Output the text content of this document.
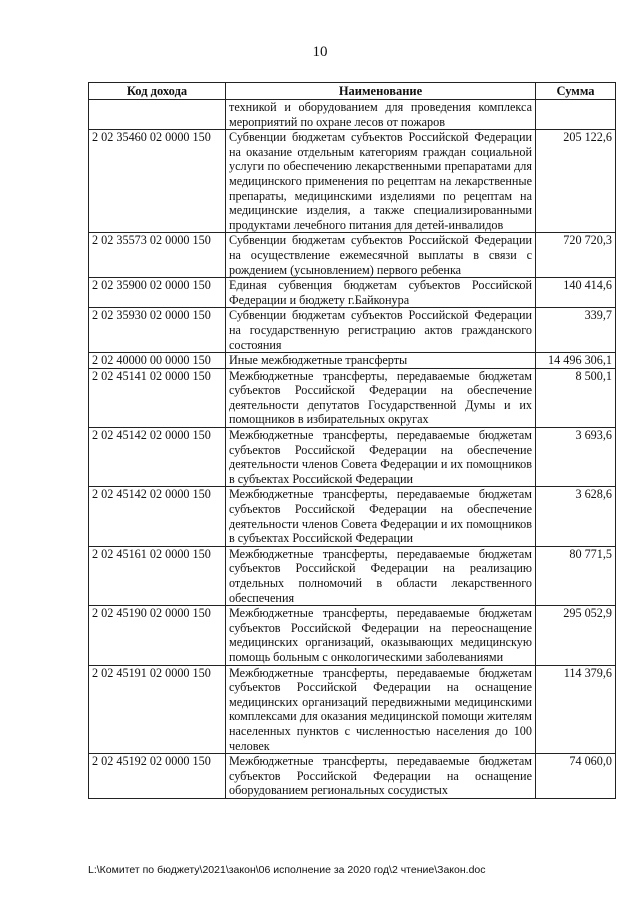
10
Код дохода	Наименование	Сумма
	техникой и оборудованием для проведения комплекса мероприятий по охране лесов от пожаров	
2 02 35460 02 0000 150	Субвенции бюджетам субъектов Российской Федерации на оказание отдельным категориям граждан социальной услуги по обеспечению лекарственными препаратами для медицинского применения по рецептам на лекарственные препараты, медицинскими изделиями по рецептам на медицинские изделия, а также специализированными продуктами лечебного питания для детей-инвалидов	205 122,6
2 02 35573 02 0000 150	Субвенции бюджетам субъектов Российской Федерации на осуществление ежемесячной выплаты в связи с рождением (усыновлением) первого ребенка	720 720,3
2 02 35900 02 0000 150	Единая субвенция бюджетам субъектов Российской Федерации и бюджету г.Байконура	140 414,6
2 02 35930 02 0000 150	Субвенции бюджетам субъектов Российской Федерации на государственную регистрацию актов гражданского состояния	339,7
2 02 40000 00 0000 150	Иные межбюджетные трансферты	14 496 306,1
2 02 45141 02 0000 150	Межбюджетные трансферты, передаваемые бюджетам субъектов Российской Федерации на обеспечение деятельности депутатов Государственной Думы и их помощников в избирательных округах	8 500,1
2 02 45142 02 0000 150	Межбюджетные трансферты, передаваемые бюджетам субъектов Российской Федерации на обеспечение деятельности членов Совета Федерации и их помощников в субъектах Российской Федерации	3 693,6
2 02 45142 02 0000 150	Межбюджетные трансферты, передаваемые бюджетам субъектов Российской Федерации на обеспечение деятельности членов Совета Федерации и их помощников в субъектах Российской Федерации	3 628,6
2 02 45161 02 0000 150	Межбюджетные трансферты, передаваемые бюджетам субъектов Российской Федерации на реализацию отдельных полномочий в области лекарственного обеспечения	80 771,5
2 02 45190 02 0000 150	Межбюджетные трансферты, передаваемые бюджетам субъектов Российской Федерации на переоснащение медицинских организаций, оказывающих медицинскую помощь больным с онкологическими заболеваниями	295 052,9
2 02 45191 02 0000 150	Межбюджетные трансферты, передаваемые бюджетам субъектов Российской Федерации на оснащение медицинских организаций передвижными медицинскими комплексами для оказания медицинской помощи жителям населенных пунктов с численностью населения до 100 человек	114 379,6
2 02 45192 02 0000 150	Межбюджетные трансферты, передаваемые бюджетам субъектов Российской Федерации на оснащение оборудованием региональных сосудистых	74 060,0
L:\Комитет по бюджету\2021\закон\06 исполнение за 2020 год\2 чтение\Закон.doc
